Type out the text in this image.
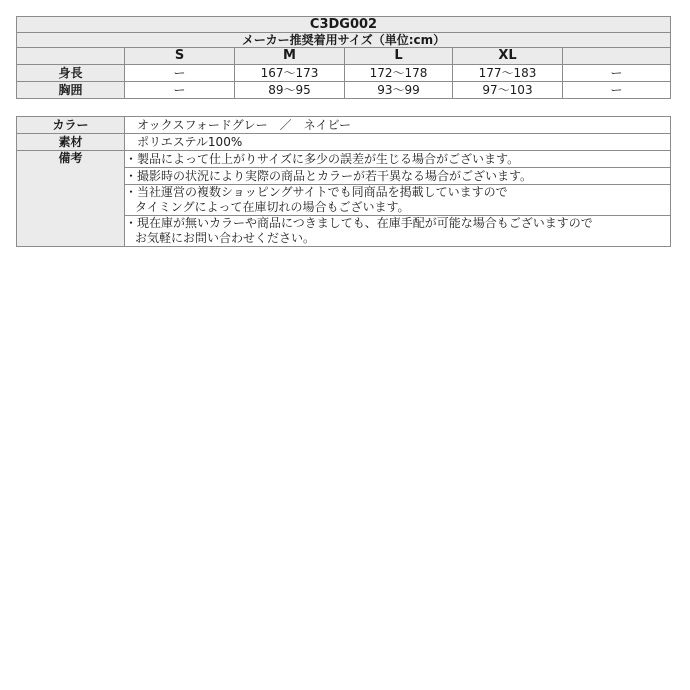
C3DG002					
メーカー推奨着用サイズ（単位:cm）					
	S	M	L	XL	
身長	ー	167～173	172～178	177～183	ー
胸囲	ー	89～95	93～99	97～103	ー
カラー	オックスフォードグレー　／　ネイビー
素材	ポリエステル100%
備考	・製品によって仕上がりサイズに多少の誤差が生じる場合がございます。

	・撮影時の状況により実際の商品とカラーが若干異なる場合がございます。

	・当社運営の複数ショッピングサイトでも同商品を掲載していますので
タイミングによって在庫切れの場合もございます。

	・現在庫が無いカラーや商品につきましても、在庫手配が可能な場合もございますので
お気軽にお問い合わせください。
